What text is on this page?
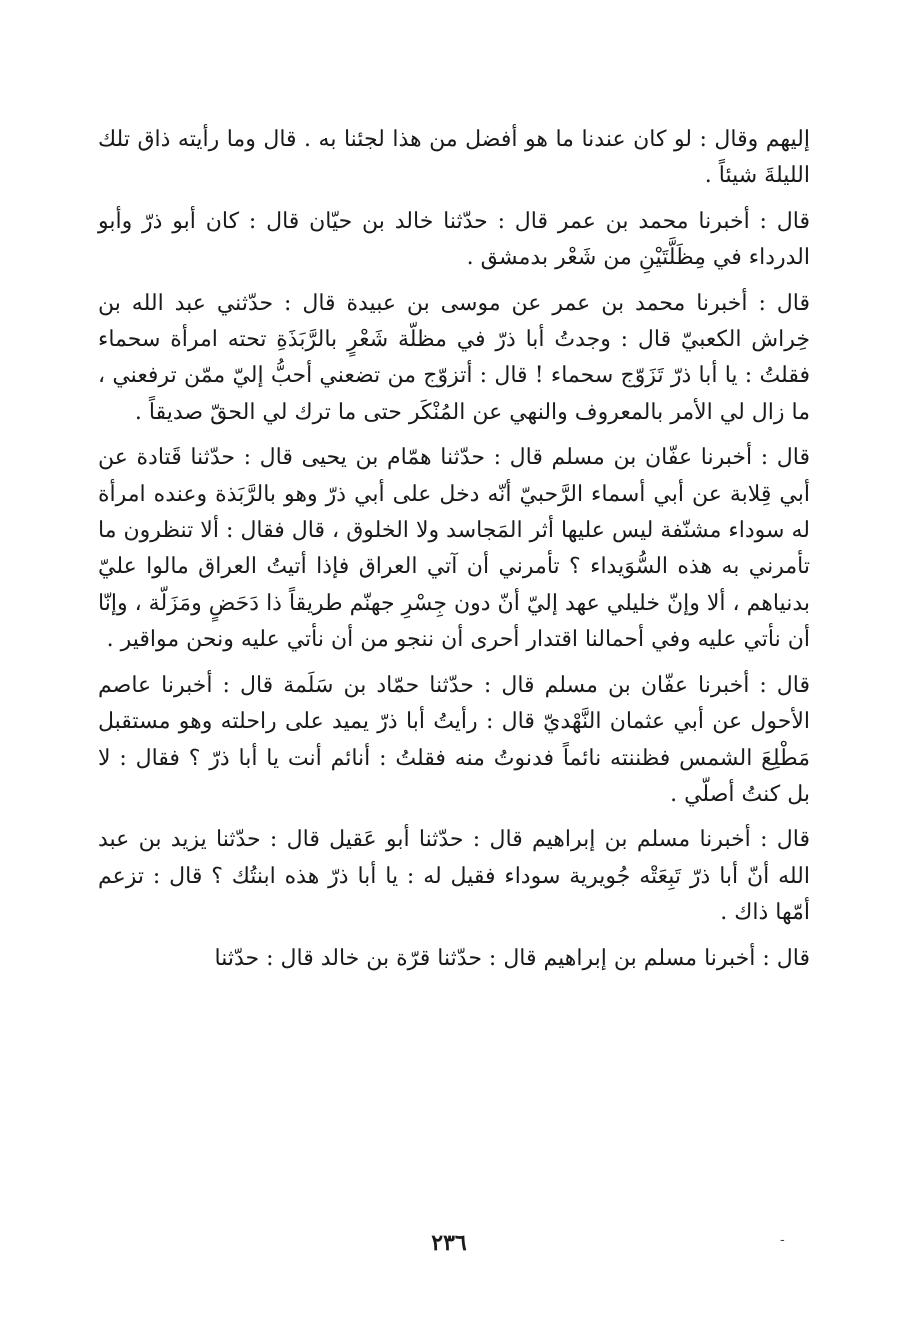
إليهم وقال : لو كان عندنا ما هو أفضل من هذا لجئنا به . قال وما رأيته ذاق تلك الليلةَ شيئاً .

قال : أخبرنا محمد بن عمر قال : حدّثنا خالد بن حيّان قال : كان أبو ذرّ وأبو الدرداء في مِظَلَّتَيْنِ من شَعْر بدمشق .

قال : أخبرنا محمد بن عمر عن موسى بن عبيدة قال : حدّثني عبد الله بن خِراش الكعبيّ قال : وجدتُ أبا ذرّ في مظلّة شَعْرٍ بالرَّبَذَةِ تحته امرأة سحماء فقلتُ : يا أبا ذرّ تَزَوّج سحماء ! قال : أتزوّج من تضعني أحبُّ إليّ ممّن ترفعني ، ما زال لي الأمر بالمعروف والنهي عن المُنْكَر حتى ما ترك لي الحقّ صديقاً .

قال : أخبرنا عفّان بن مسلم قال : حدّثنا همّام بن يحيى قال : حدّثنا قَتادة عن أبي قِلابة عن أبي أسماء الرَّحبيّ أنّه دخل على أبي ذرّ وهو بالرَّبَذة وعنده امرأة له سوداء مشنّفة ليس عليها أثر المَجاسد ولا الخلوق ، قال فقال : ألا تنظرون ما تأمرني به هذه السُّوَيداء ؟ تأمرني أن آتي العراق فإذا أتيتُ العراق مالوا عليّ بدنياهم ، ألا وإنّ خليلي عهد إليّ أنّ دون جِسْرِ جهنّم طريقاً ذا دَحَضٍ ومَزَلّة ، وإنّا أن نأتي عليه وفي أحمالنا اقتدار أحرى أن ننجو من أن نأتي عليه ونحن مواقير .

قال : أخبرنا عفّان بن مسلم قال : حدّثنا حمّاد بن سَلَمة قال : أخبرنا عاصم الأحول عن أبي عثمان النَّهْديّ قال : رأيتُ أبا ذرّ يميد على راحلته وهو مستقبل مَطْلِعَ الشمس فظننته نائماً فدنوتُ منه فقلتُ : أنائم أنت يا أبا ذرّ ؟ فقال : لا بل كنتُ أصلّي .

قال : أخبرنا مسلم بن إبراهيم قال : حدّثنا أبو عَقيل قال : حدّثنا يزيد بن عبد الله أنّ أبا ذرّ تَبِعَتْه جُويرية سوداء فقيل له : يا أبا ذرّ هذه ابنتُك ؟ قال : تزعم أمّها ذاك .

قال : أخبرنا مسلم بن إبراهيم قال : حدّثنا قرّة بن خالد قال : حدّثنا

-
٢٣٦
